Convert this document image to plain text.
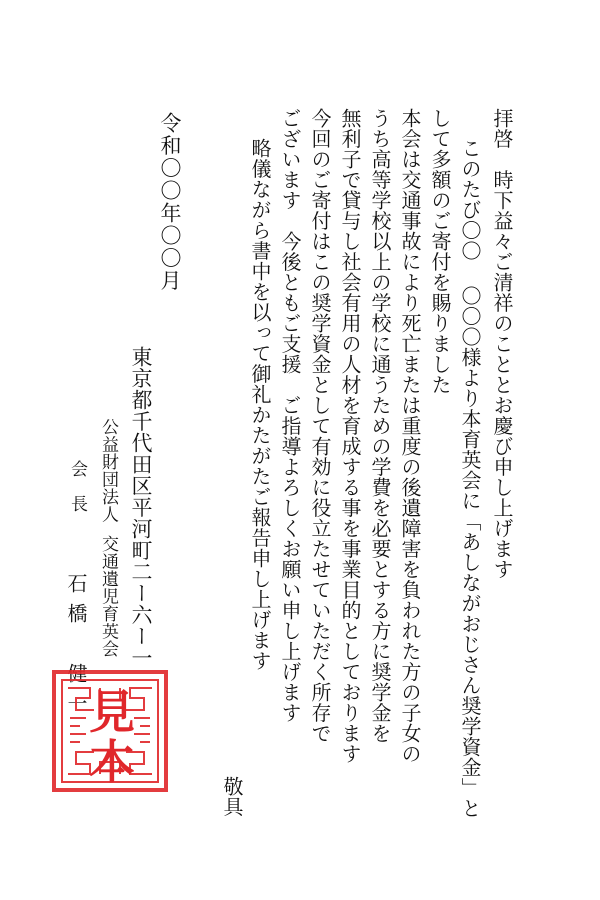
拝啓　時下益々ご清祥のこととお慶び申し上げます
このたび〇〇 〇〇〇様より本育英会に「あしながおじさん奨学資金」と
して多額のご寄付を賜りました
本会は交通事故により死亡または重度の後遺障害を負われた方の子女の
うち高等学校以上の学校に通うための学費を必要とする方に奨学金を
無利子で貸与し社会有用の人材を育成する事を事業目的としております
今回のご寄付はこの奨学資金として有効に役立たせていただく所存で
ございます　今後ともご支援　ご指導よろしくお願い申し上げます
略儀ながら書中を以って御礼かたがたご報告申し上げます
敬具
令和〇〇年〇〇月
東京都千代田区平河町二ー六ー一
公益財団法人交通遺児育英会
会　長
石橋　健一 見
本
